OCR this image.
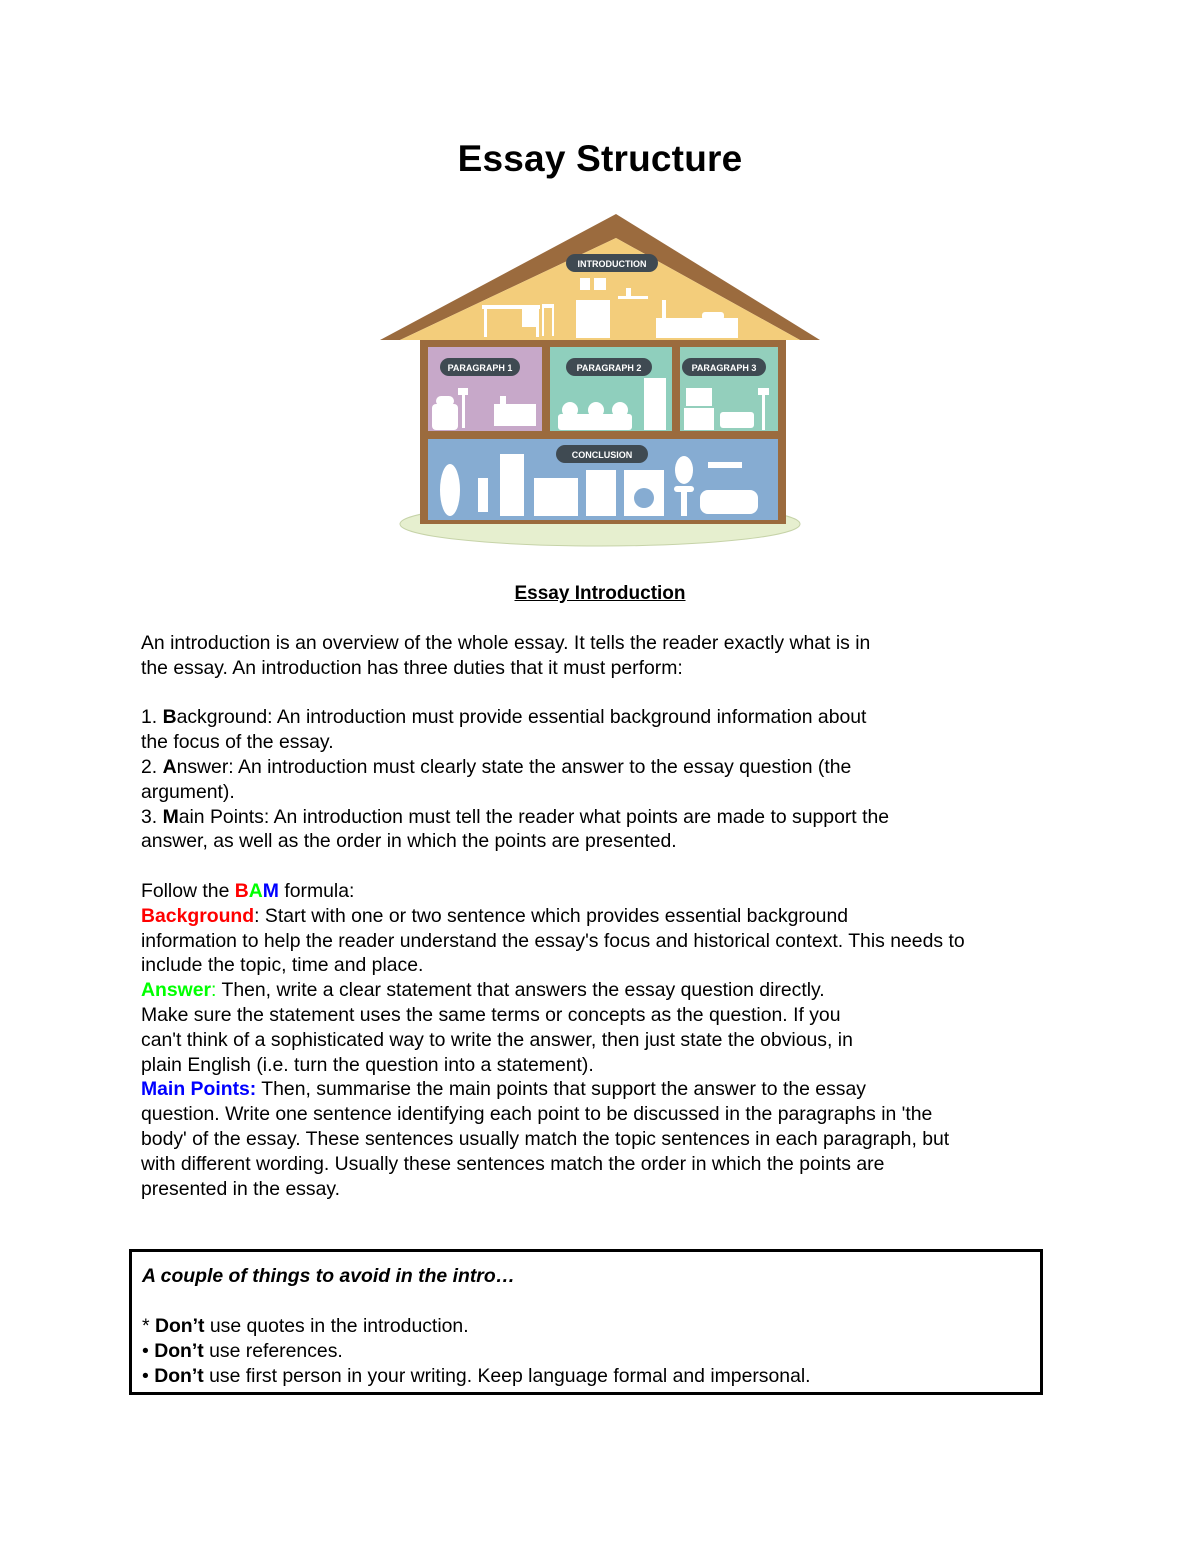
Essay Structure
INTRODUCTION
PARAGRAPH 1	PARAGRAPH 2	PARAGRAPH 3
CONCLUSION
Essay Introduction
An introduction is an overview of the whole essay. It tells the reader exactly what is in
the essay. An introduction has three duties that it must perform:
1. Background: An introduction must provide essential background information about
the focus of the essay.
2. Answer: An introduction must clearly state the answer to the essay question (the
argument).
3. Main Points: An introduction must tell the reader what points are made to support the
answer, as well as the order in which the points are presented.
Follow the BAM formula:
Background: Start with one or two sentence which provides essential background
information to help the reader understand the essay's focus and historical context. This needs to
include the topic, time and place.
Answer: Then, write a clear statement that answers the essay question directly.
Make sure the statement uses the same terms or concepts as the question. If you
can't think of a sophisticated way to write the answer, then just state the obvious, in
plain English (i.e. turn the question into a statement).
Main Points: Then, summarise the main points that support the answer to the essay
question. Write one sentence identifying each point to be discussed in the paragraphs in 'the
body' of the essay. These sentences usually match the topic sentences in each paragraph, but
with different wording. Usually these sentences match the order in which the points are
presented in the essay.
A couple of things to avoid in the intro…
* Don’t use quotes in the introduction.
• Don’t use references.
• Don’t use first person in your writing. Keep language formal and impersonal.
